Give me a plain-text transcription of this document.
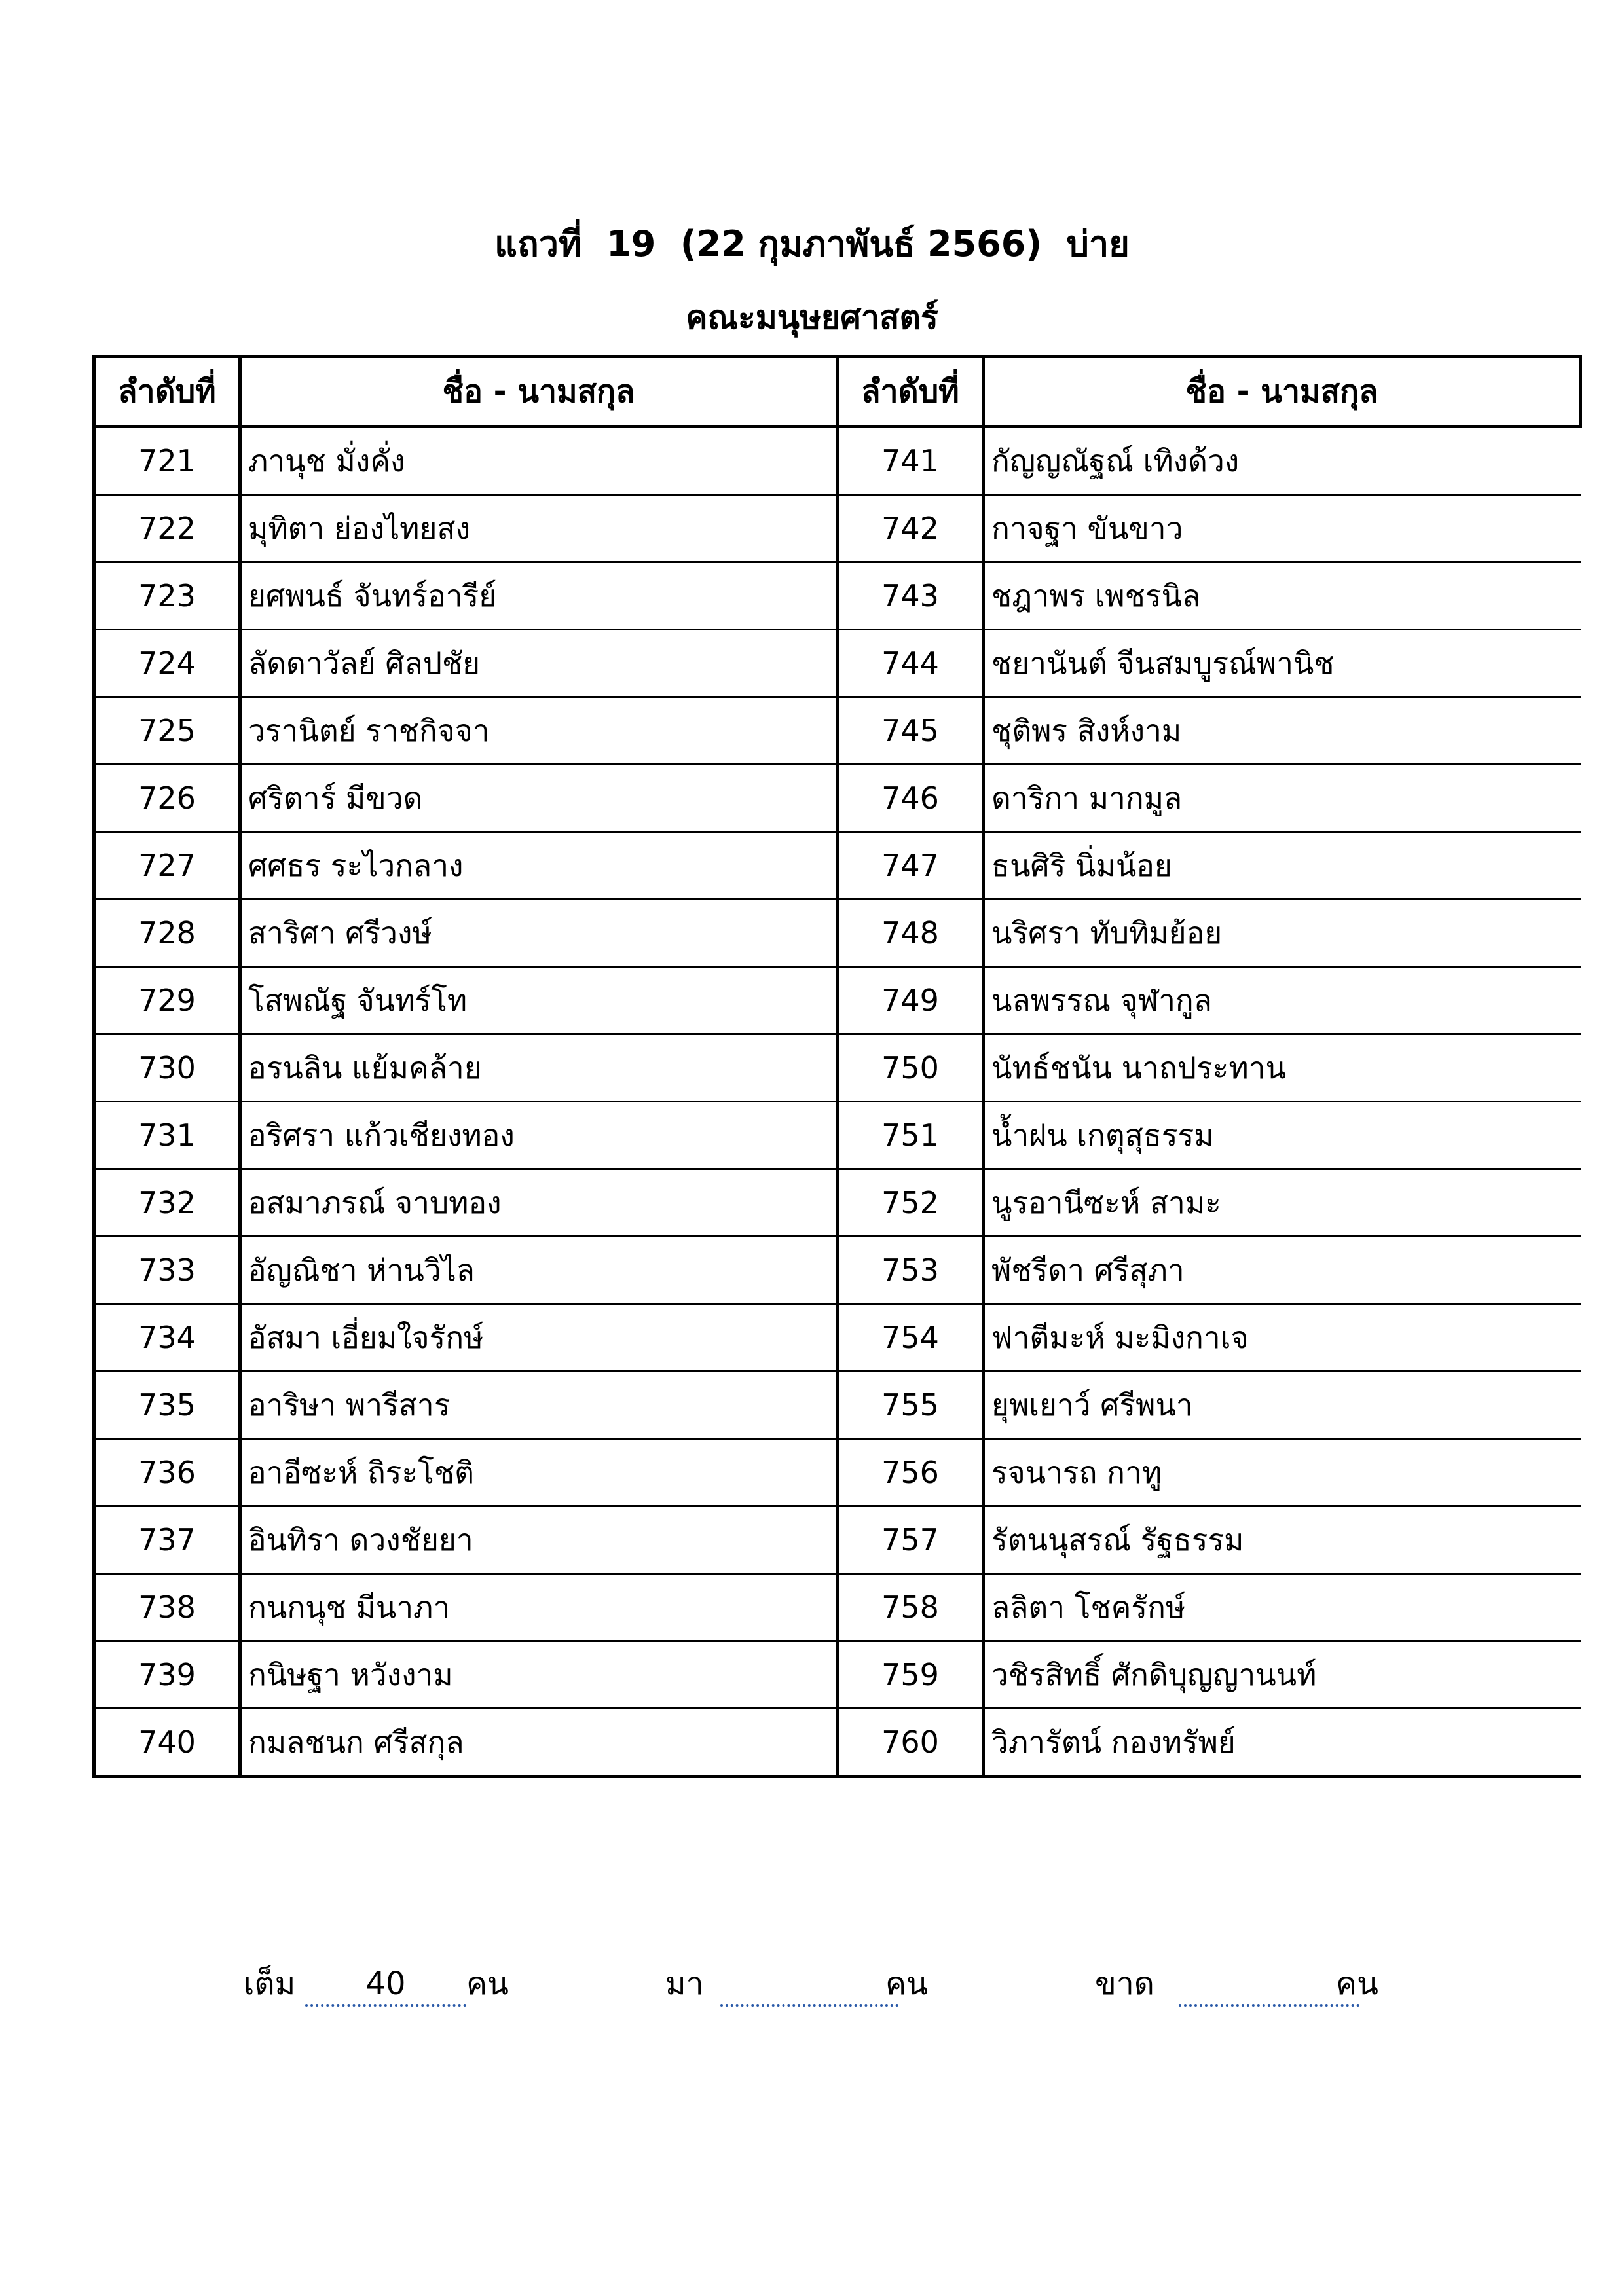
แถวที่  19  (22 กุมภาพันธ์ 2566)  บ่าย
คณะมนุษยศาสตร์
ลำดับที่	ชื่อ - นามสกุล	ลำดับที่	ชื่อ - นามสกุล
721	ภานุช มั่งคั่ง	741	กัญญณัฐณ์ เทิงด้วง
722	มุทิตา ย่องไทยสง	742	กาจฐา ขันขาว
723	ยศพนธ์ จันทร์อารีย์	743	ชฎาพร เพชรนิล
724	ลัดดาวัลย์ ศิลปชัย	744	ชยานันต์ จีนสมบูรณ์พานิช
725	วรานิตย์ ราชกิจจา	745	ชุติพร สิงห์งาม
726	ศริตาร์ มีขวด	746	ดาริกา มากมูล
727	ศศธร ระไวกลาง	747	ธนศิริ นิ่มน้อย
728	สาริศา ศรีวงษ์	748	นริศรา ทับทิมย้อย
729	โสพณัฐ จันทร์โท	749	นลพรรณ จุฬากูล
730	อรนลิน แย้มคล้าย	750	นัทธ์ชนัน นาถประทาน
731	อริศรา แก้วเชียงทอง	751	น้ำฝน เกตุสุธรรม
732	อสมาภรณ์ จาบทอง	752	นูรอานีซะห์ สามะ
733	อัญณิชา ห่านวิไล	753	พัชรีดา ศรีสุภา
734	อัสมา เอี่ยมใจรักษ์	754	ฟาตีมะห์ มะมิงกาเจ
735	อาริษา พารีสาร	755	ยุพเยาว์ ศรีพนา
736	อาอีซะห์ ถิระโชติ	756	รจนารถ กาทู
737	อินทิรา ดวงชัยยา	757	รัตนนุสรณ์ รัฐธรรม
738	กนกนุช มีนาภา	758	ลลิตา โชครักษ์
739	กนิษฐา หวังงาม	759	วชิรสิทธิ์ ศักดิบุญญานนท์
740	กมลชนก ศรีสกุล	760	วิภารัตน์ กองทรัพย์
เต็ม	40	คน	มา	คน	ขาด	คน
